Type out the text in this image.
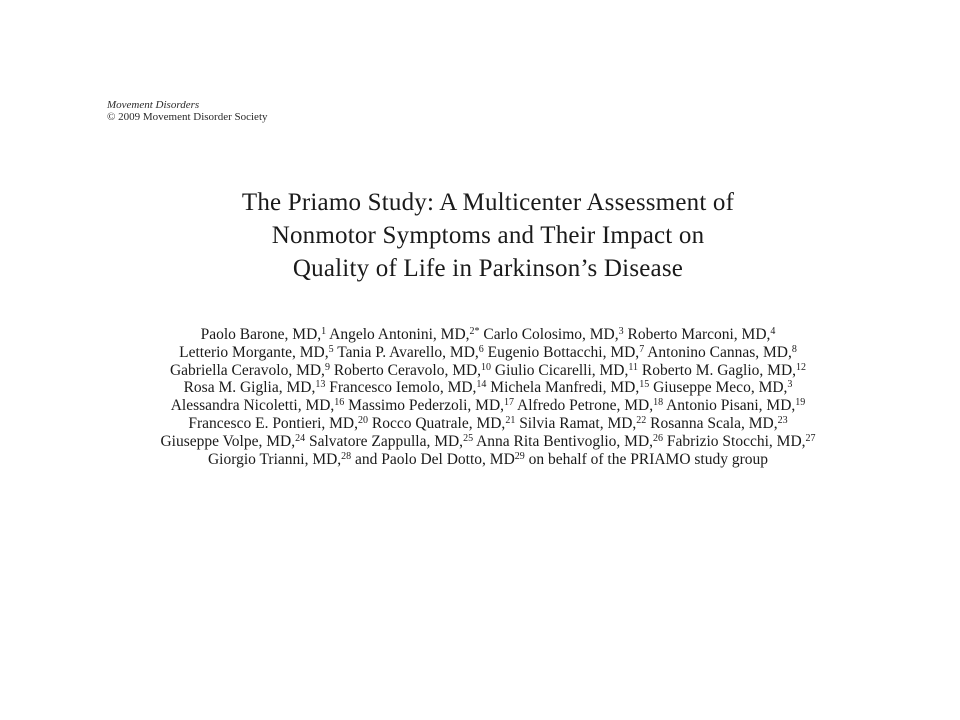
Movement Disorders
© 2009 Movement Disorder Society
The Priamo Study: A Multicenter Assessment of
Nonmotor Symptoms and Their Impact on
Quality of Life in Parkinson’s Disease
Paolo Barone, MD,$^1$ Angelo Antonini, MD,$^{2*}$ Carlo Colosimo, MD,$^3$ Roberto Marconi, MD,$^4$
Letterio Morgante, MD,$^5$ Tania P. Avarello, MD,$^6$ Eugenio Bottacchi, MD,$^7$ Antonino Cannas, MD,$^8$
Gabriella Ceravolo, MD,$^9$ Roberto Ceravolo, MD,$^{10}$ Giulio Cicarelli, MD,$^{11}$ Roberto M. Gaglio, MD,$^{12}$
Rosa M. Giglia, MD,$^{13}$ Francesco Iemolo, MD,$^{14}$ Michela Manfredi, MD,$^{15}$ Giuseppe Meco, MD,$^3$
Alessandra Nicoletti, MD,$^{16}$ Massimo Pederzoli, MD,$^{17}$ Alfredo Petrone, MD,$^{18}$ Antonio Pisani, MD,$^{19}$
Francesco E. Pontieri, MD,$^{20}$ Rocco Quatrale, MD,$^{21}$ Silvia Ramat, MD,$^{22}$ Rosanna Scala, MD,$^{23}$
Giuseppe Volpe, MD,$^{24}$ Salvatore Zappulla, MD,$^{25}$ Anna Rita Bentivoglio, MD,$^{26}$ Fabrizio Stocchi, MD,$^{27}$
Giorgio Trianni, MD,$^{28}$ and Paolo Del Dotto, MD$^{29}$ on behalf of the PRIAMO study group
